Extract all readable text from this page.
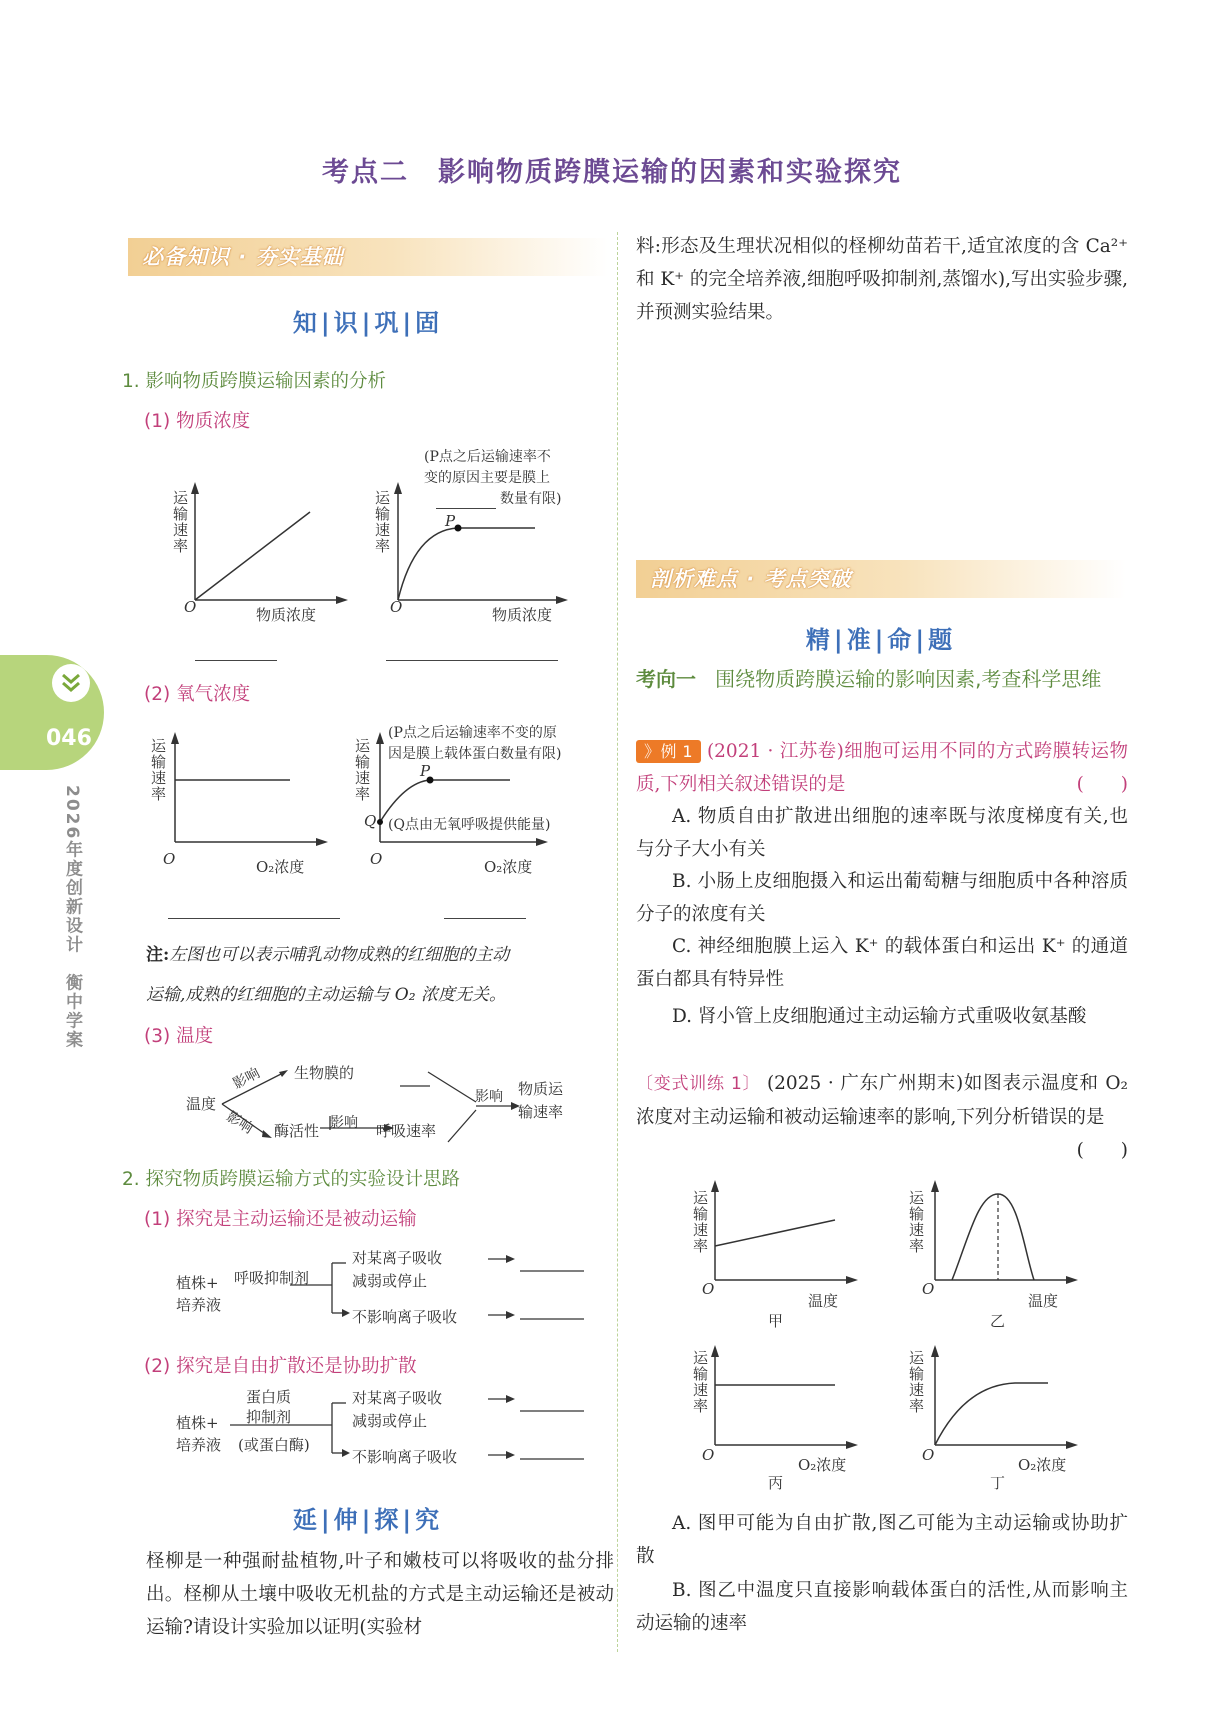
考点二　影响物质跨膜运输的因素和实验探究
046
2026年度创新设计　衡中学案
必备知识 · 夯实基础
知|识|巩|固
1. 影响物质跨膜运输因素的分析
(1) 物质浓度
运输速率
O	物质浓度
运输速率
O	物质浓度
P
(P点之后运输速率不
变的原因主要是膜上
数量有限)
(2) 氧气浓度
运输速率
O	O₂浓度
运输速率
O	O₂浓度
P
Q
(P点之后运输速率不变的原
因是膜上载体蛋白数量有限)
(Q点由无氧呼吸提供能量)
注:左图也可以表示哺乳动物成熟的红细胞的主动
运输,成熟的红细胞的主动运输与 O₂ 浓度无关。
(3) 温度
温度
影响
影响
生物膜的
酶活性 影响 呼吸速率
影响 物质运
输速率
2. 探究物质跨膜运输方式的实验设计思路
(1) 探究是主动运输还是被动运输
植株+
培养液
呼吸抑制剂
对某离子吸收
减弱或停止
不影响离子吸收
(2) 探究是自由扩散还是协助扩散
植株+
培养液
蛋白质
抑制剂
(或蛋白酶)
对某离子吸收
减弱或停止
不影响离子吸收
延|伸|探|究
柽柳是一种强耐盐植物,叶子和嫩枝可以将吸收的盐分排出。柽柳从土壤中吸收无机盐的方式是主动运输还是被动运输?请设计实验加以证明(实验材
料:形态及生理状况相似的柽柳幼苗若干,适宜浓度的含 Ca²⁺ 和 K⁺ 的完全培养液,细胞呼吸抑制剂,蒸馏水),写出实验步骤,并预测实验结果。
剖析难点 · 考点突破
精|准|命|题
考向一 围绕物质跨膜运输的影响因素,考查科学思维
》例 1 (2021 · 江苏卷)细胞可运用不同的方式跨膜转运物质,下列相关叙述错误的是	(　　)
A. 物质自由扩散进出细胞的速率既与浓度梯度有关,也与分子大小有关
B. 小肠上皮细胞摄入和运出葡萄糖与细胞质中各种溶质分子的浓度有关
C. 神经细胞膜上运入 K⁺ 的载体蛋白和运出 K⁺ 的通道蛋白都具有特异性
D. 肾小管上皮细胞通过主动运输方式重吸收氨基酸
〔变式训练 1〕 (2025 · 广东广州期末)如图表示温度和 O₂ 浓度对主动运输和被动运输速率的影响,下列分析错误的是
(　　)
运输速率
O
温度
甲
运输速率
O
温度
乙
运输速率
O
O₂浓度
丙
运输速率
O
O₂浓度
丁
A. 图甲可能为自由扩散,图乙可能为主动运输或协助扩散
B. 图乙中温度只直接影响载体蛋白的活性,从而影响主动运输的速率
